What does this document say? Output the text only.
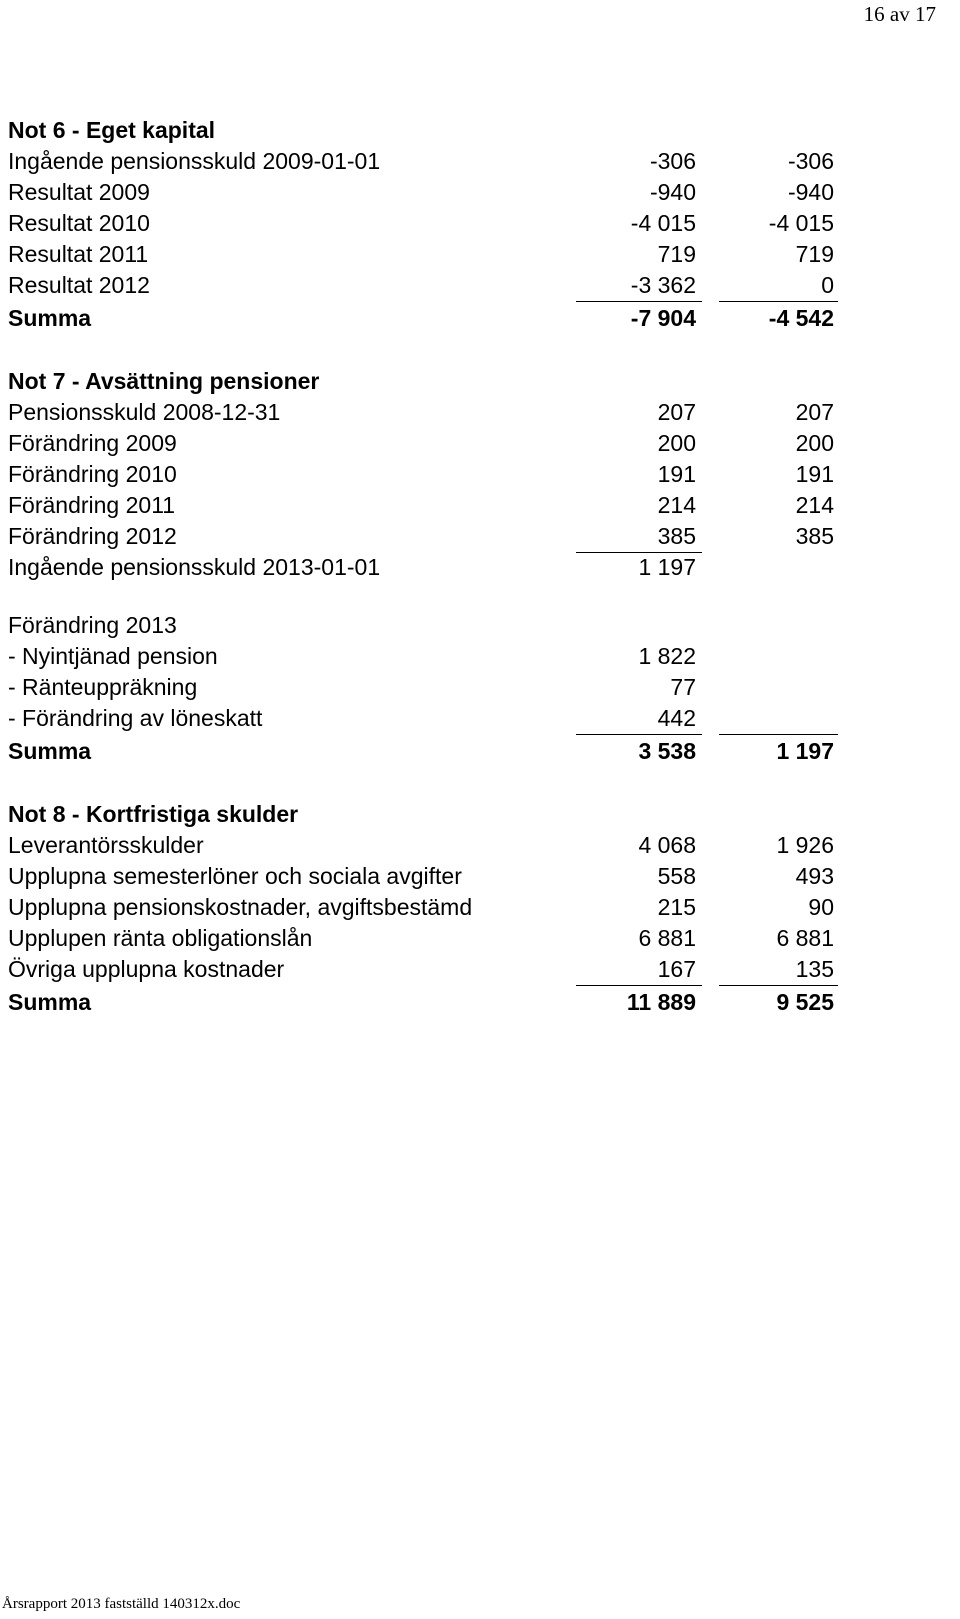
16 av 17
Not 6 - Eget kapital
Ingående pensionsskuld 2009-01-01	-306	-306
Resultat 2009	-940	-940
Resultat 2010	-4 015	-4 015
Resultat 2011	719	719
Resultat 2012	-3 362	0
Summa	-7 904	-4 542
Not 7 - Avsättning pensioner
Pensionsskuld 2008-12-31	207	207
Förändring 2009	200	200
Förändring 2010	191	191
Förändring 2011	214	214
Förändring 2012	385	385
Ingående pensionsskuld 2013-01-01	1 197
Förändring 2013
- Nyintjänad pension	1 822
- Ränteuppräkning	77
- Förändring av löneskatt	442
Summa	3 538	1 197
Not 8 - Kortfristiga skulder
Leverantörsskulder	4 068	1 926
Upplupna semesterlöner och sociala avgifter	558	493
Upplupna pensionskostnader, avgiftsbestämd	215	90
Upplupen ränta obligationslån	6 881	6 881
Övriga upplupna kostnader	167	135
Summa	11 889	9 525
Årsrapport 2013 fastställd 140312x.doc
